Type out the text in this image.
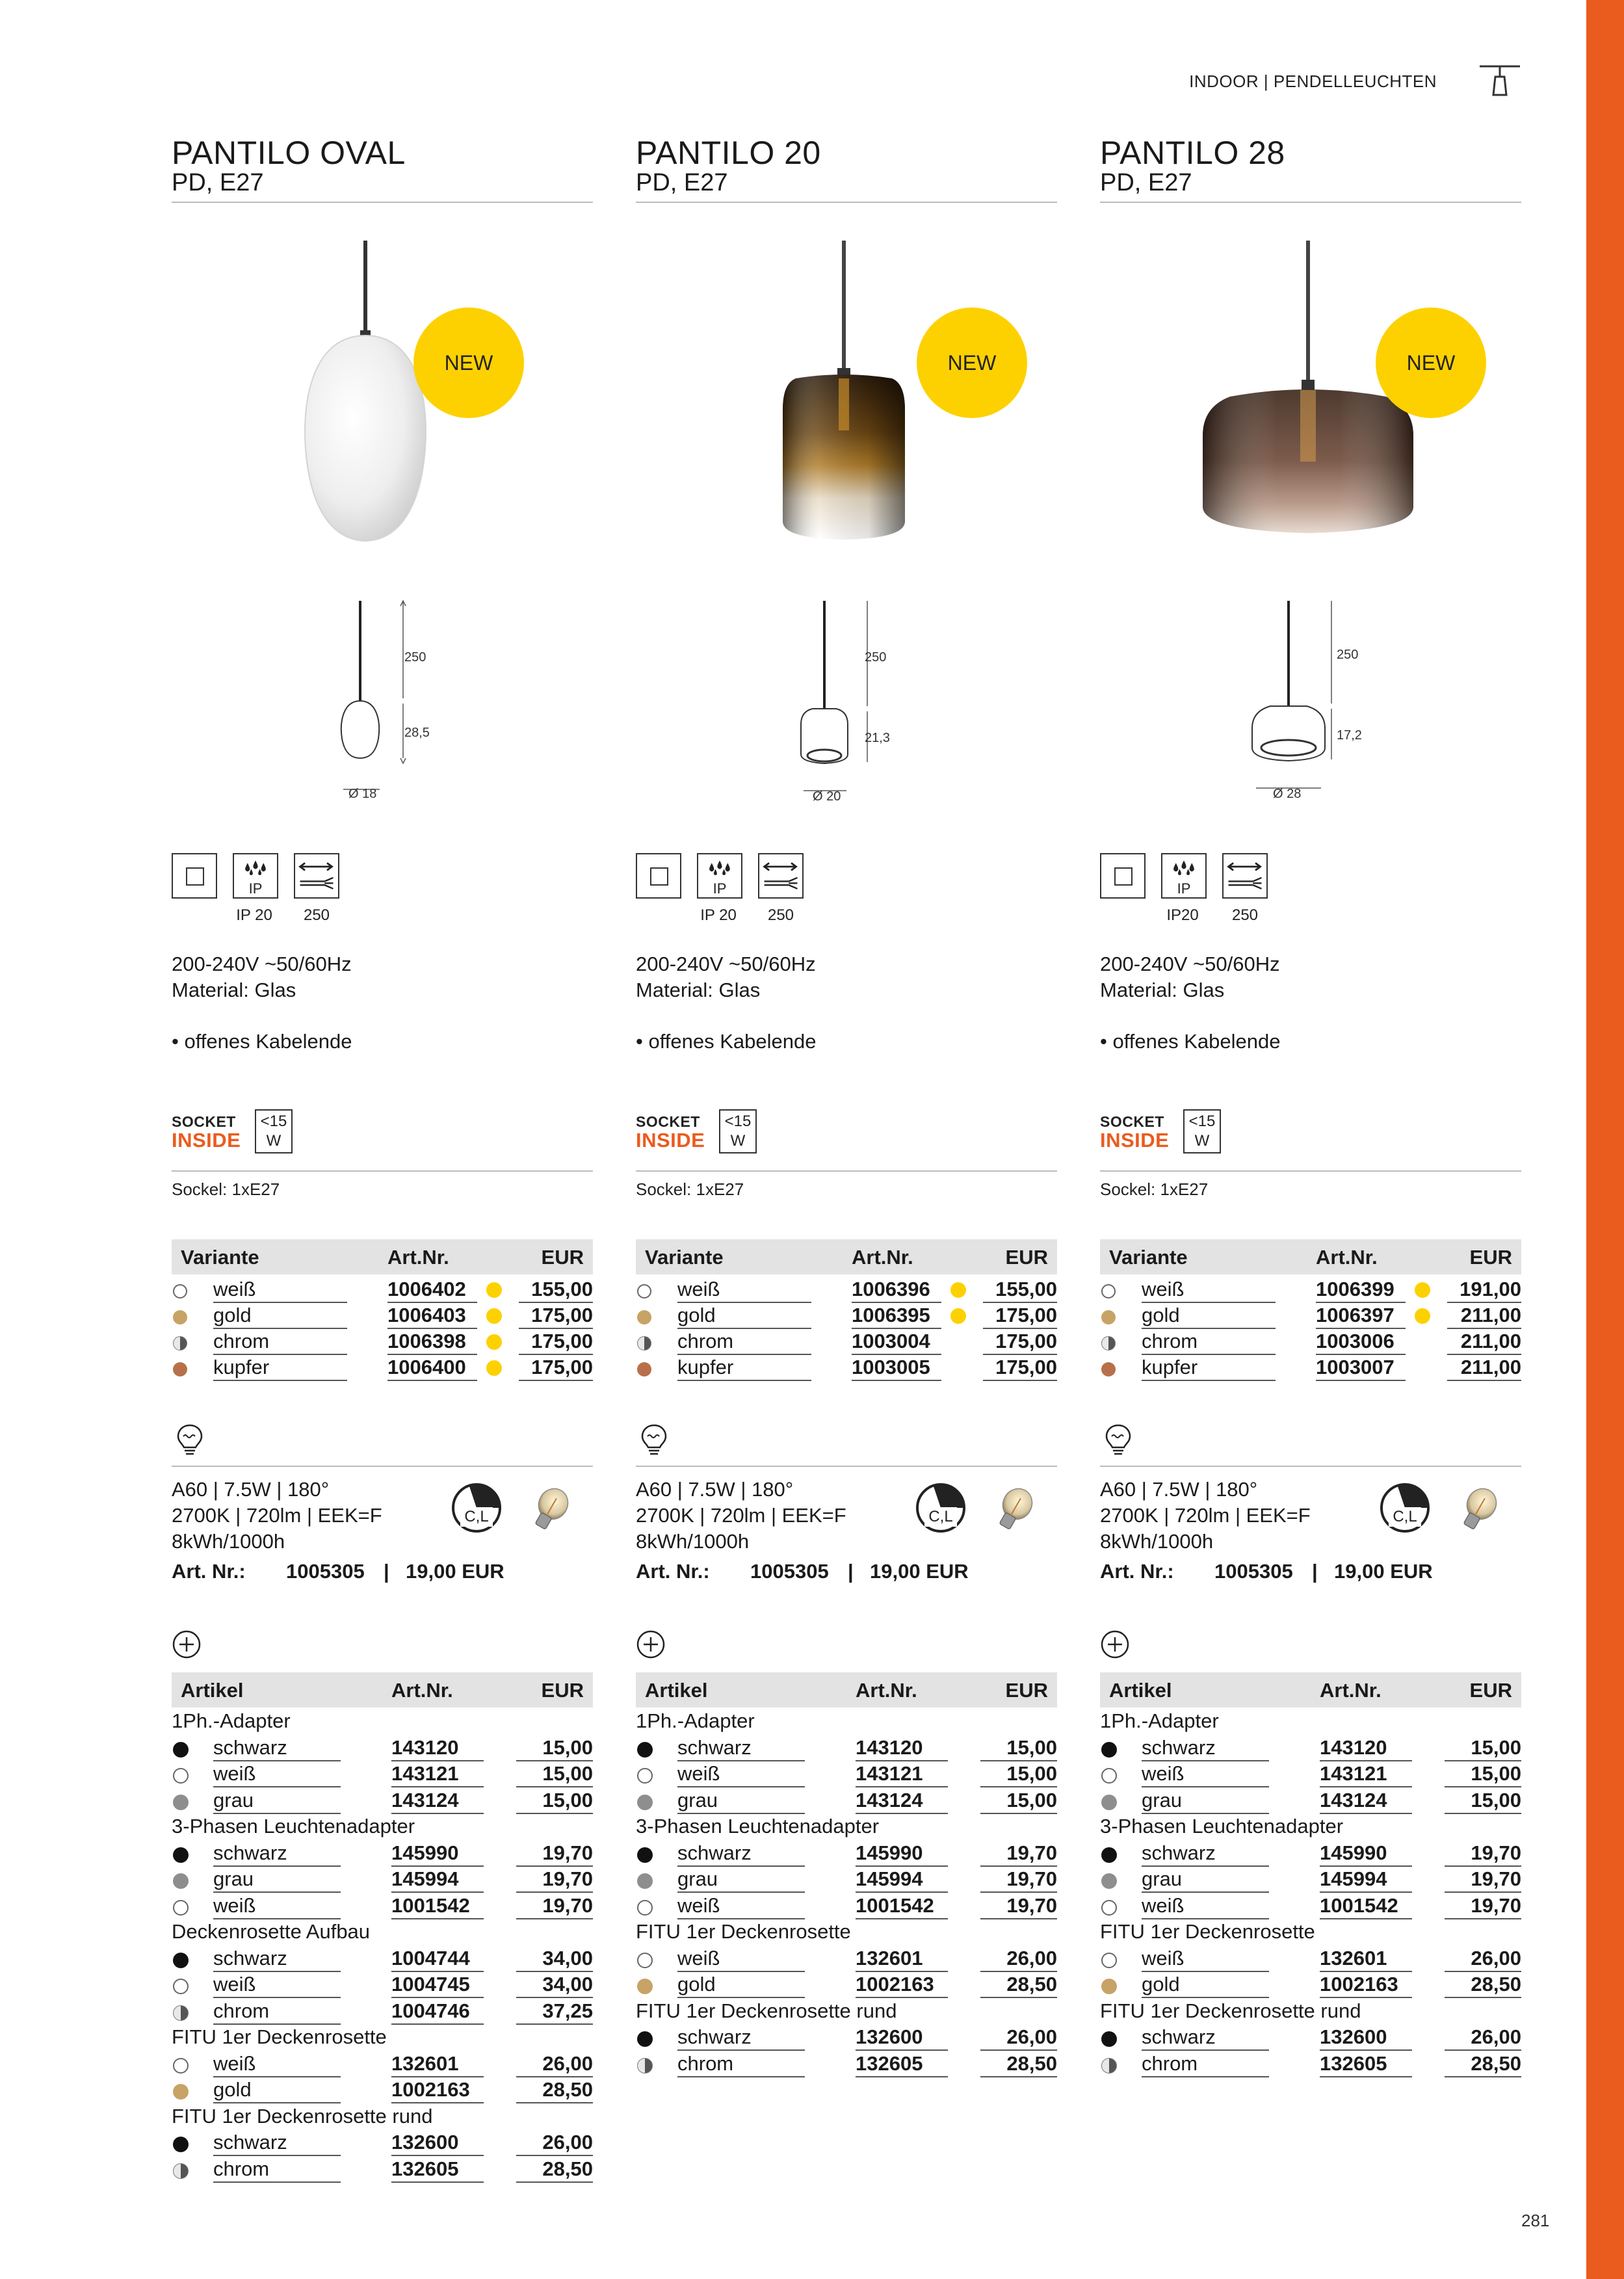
INDOOR | PENDELLEUCHTEN
281
PANTILO OVAL
PD, E27
NEW
250
28,5
Ø 18
IP
IP 20	250
200-240V ~50/60Hz
Material: Glas
• offenes Kabelende
SOCKET
INSIDE
<15
W
Sockel: 1xE27
Variante	Art.Nr.	EUR
weiß	1006402	155,00
gold	1006403	175,00
chrom	1006398	175,00
kupfer	1006400	175,00
A60 | 7.5W | 180°
2700K | 720lm | EEK=F
8kWh/1000h
C,L
Art. Nr.: 1005305 | 19,00 EUR
Artikel	Art.Nr.	EUR
1Ph.-Adapter
schwarz	143120	15,00
weiß	143121	15,00
grau	143124	15,00
3-Phasen Leuchtenadapter
schwarz	145990	19,70
grau	145994	19,70
weiß	1001542	19,70
Deckenrosette Aufbau
schwarz	1004744	34,00
weiß	1004745	34,00
chrom	1004746	37,25
FITU 1er Deckenrosette
weiß	132601	26,00
gold	1002163	28,50
FITU 1er Deckenrosette rund
schwarz	132600	26,00
chrom	132605	28,50
PANTILO 20
PD, E27
NEW
250
21,3
Ø 20
IP
IP 20	250
200-240V ~50/60Hz
Material: Glas
• offenes Kabelende
SOCKET
INSIDE
<15
W
Sockel: 1xE27
Variante	Art.Nr.	EUR
weiß	1006396	155,00
gold	1006395	175,00
chrom	1003004	175,00
kupfer	1003005	175,00
A60 | 7.5W | 180°
2700K | 720lm | EEK=F
8kWh/1000h
C,L
Art. Nr.: 1005305 | 19,00 EUR
Artikel	Art.Nr.	EUR
1Ph.-Adapter
schwarz	143120	15,00
weiß	143121	15,00
grau	143124	15,00
3-Phasen Leuchtenadapter
schwarz	145990	19,70
grau	145994	19,70
weiß	1001542	19,70
FITU 1er Deckenrosette
weiß	132601	26,00
gold	1002163	28,50
FITU 1er Deckenrosette rund
schwarz	132600	26,00
chrom	132605	28,50
PANTILO 28
PD, E27
NEW
250
17,2
Ø 28
IP
IP20	250
200-240V ~50/60Hz
Material: Glas
• offenes Kabelende
SOCKET
INSIDE
<15
W
Sockel: 1xE27
Variante	Art.Nr.	EUR
weiß	1006399	191,00
gold	1006397	211,00
chrom	1003006	211,00
kupfer	1003007	211,00
A60 | 7.5W | 180°
2700K | 720lm | EEK=F
8kWh/1000h
C,L
Art. Nr.: 1005305 | 19,00 EUR
Artikel	Art.Nr.	EUR
1Ph.-Adapter
schwarz	143120	15,00
weiß	143121	15,00
grau	143124	15,00
3-Phasen Leuchtenadapter
schwarz	145990	19,70
grau	145994	19,70
weiß	1001542	19,70
FITU 1er Deckenrosette
weiß	132601	26,00
gold	1002163	28,50
FITU 1er Deckenrosette rund
schwarz	132600	26,00
chrom	132605	28,50
